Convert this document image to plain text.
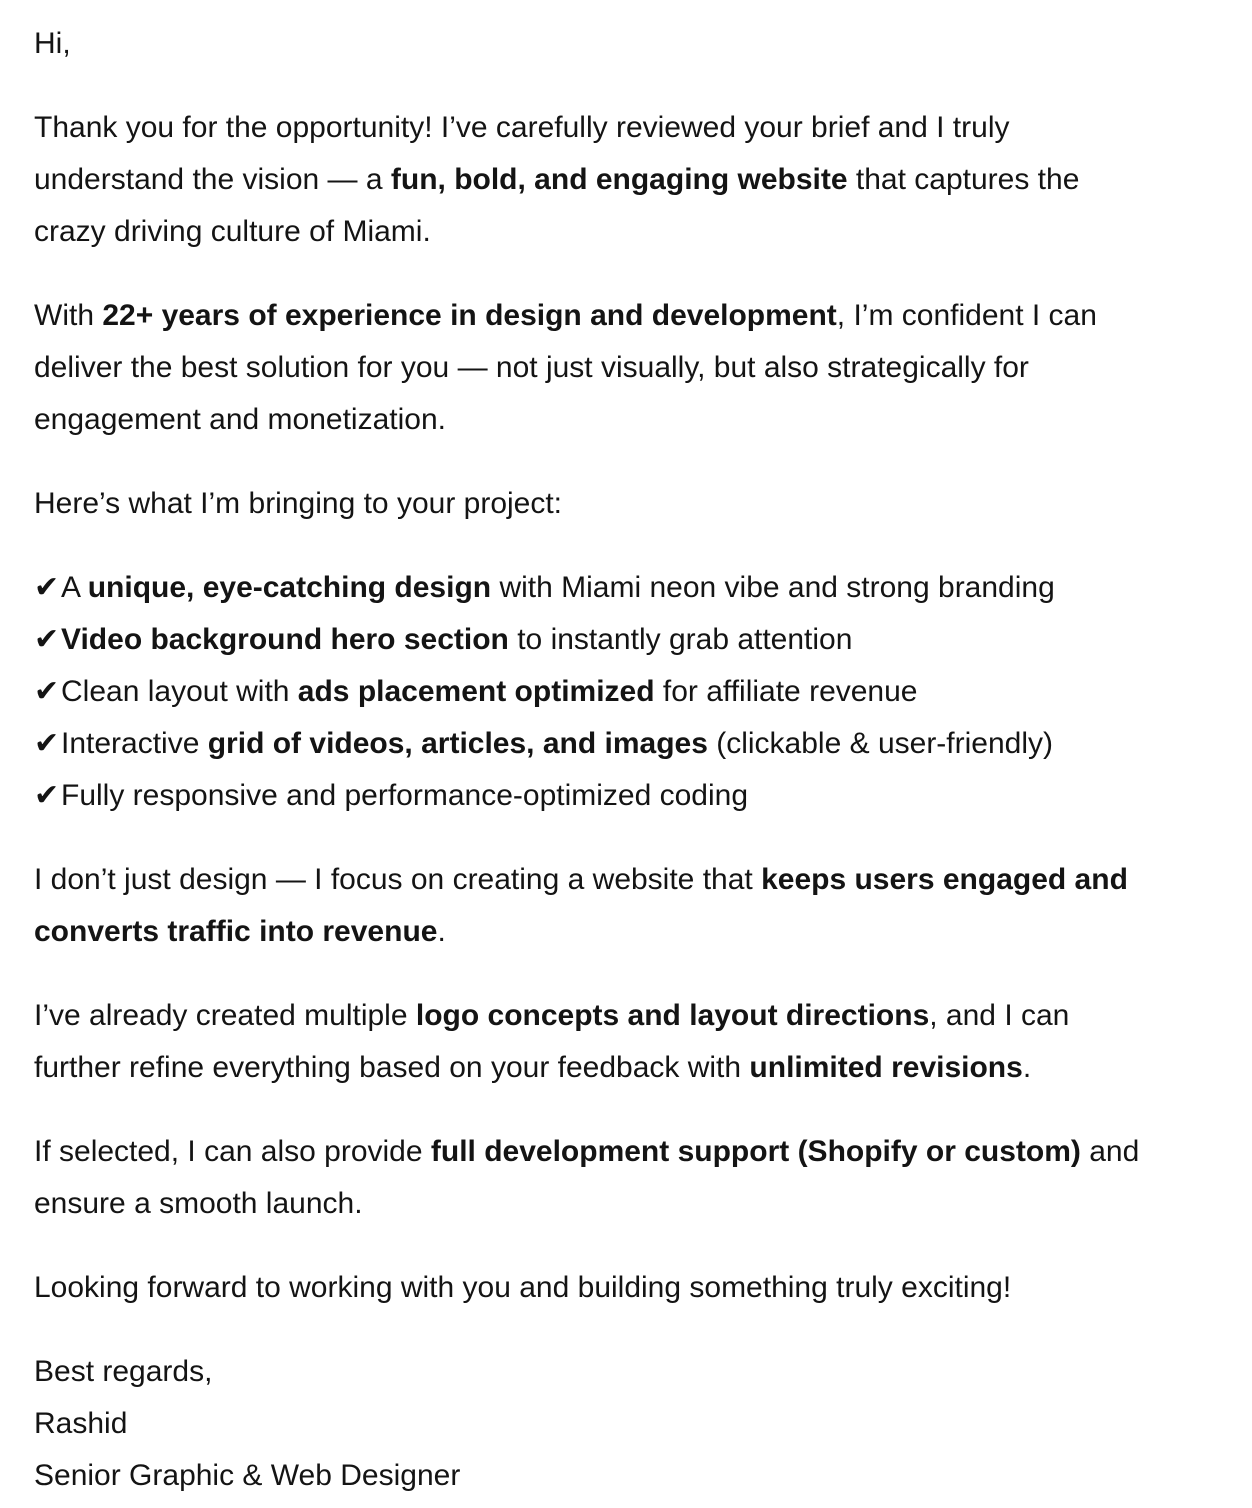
Hi,

Thank you for the opportunity! I’ve carefully reviewed your brief and I truly
understand the vision — a fun, bold, and engaging website that captures the
crazy driving culture of Miami.

With 22+ years of experience in design and development, I’m confident I can
deliver the best solution for you — not just visually, but also strategically for
engagement and monetization.

Here’s what I’m bringing to your project:

✔A unique, eye-catching design with Miami neon vibe and strong branding
✔Video background hero section to instantly grab attention
✔Clean layout with ads placement optimized for affiliate revenue
✔Interactive grid of videos, articles, and images (clickable & user-friendly)
✔Fully responsive and performance-optimized coding

I don’t just design — I focus on creating a website that keeps users engaged and
converts traffic into revenue.

I’ve already created multiple logo concepts and layout directions, and I can
further refine everything based on your feedback with unlimited revisions.

If selected, I can also provide full development support (Shopify or custom) and
ensure a smooth launch.

Looking forward to working with you and building something truly exciting!

Best regards,
Rashid
Senior Graphic & Web Designer
